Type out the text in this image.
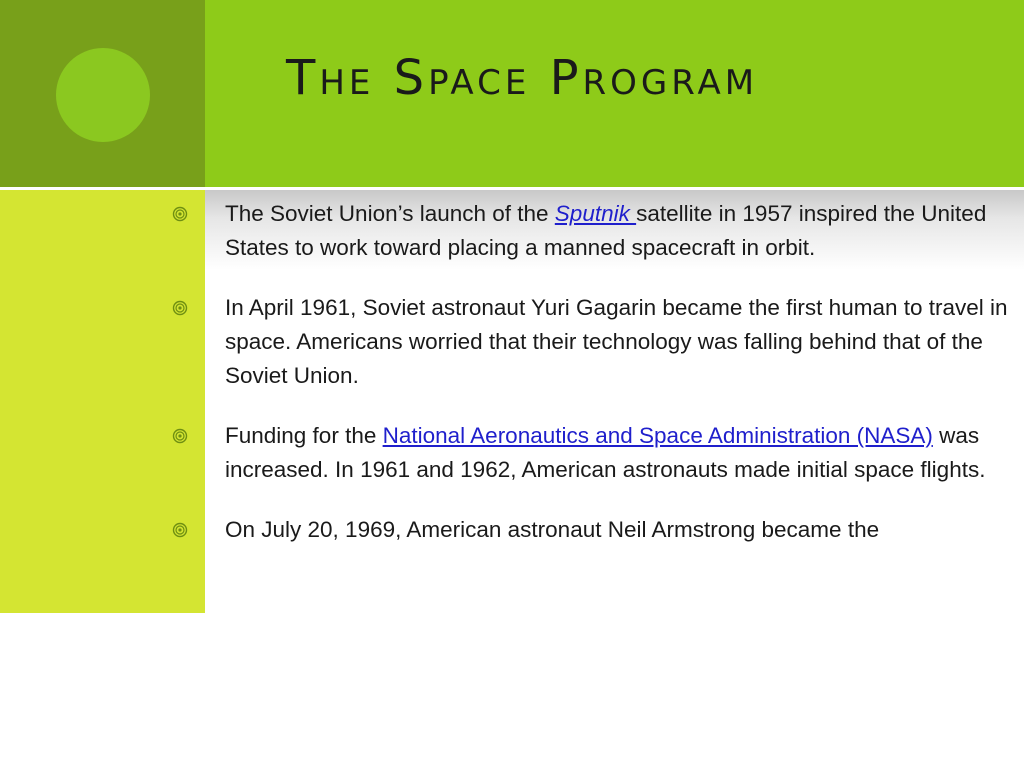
The Space Program
The Soviet Union’s launch of the Sputnik satellite in 1957 inspired the United States to work toward placing a manned spacecraft in orbit.
In April 1961, Soviet astronaut Yuri Gagarin became the first human to travel in space. Americans worried that their technology was falling behind that of the Soviet Union.
Funding for the National Aeronautics and Space Administration (NASA) was increased. In 1961 and 1962, American astronauts made initial space flights.
On July 20, 1969, American astronaut Neil Armstrong became the
